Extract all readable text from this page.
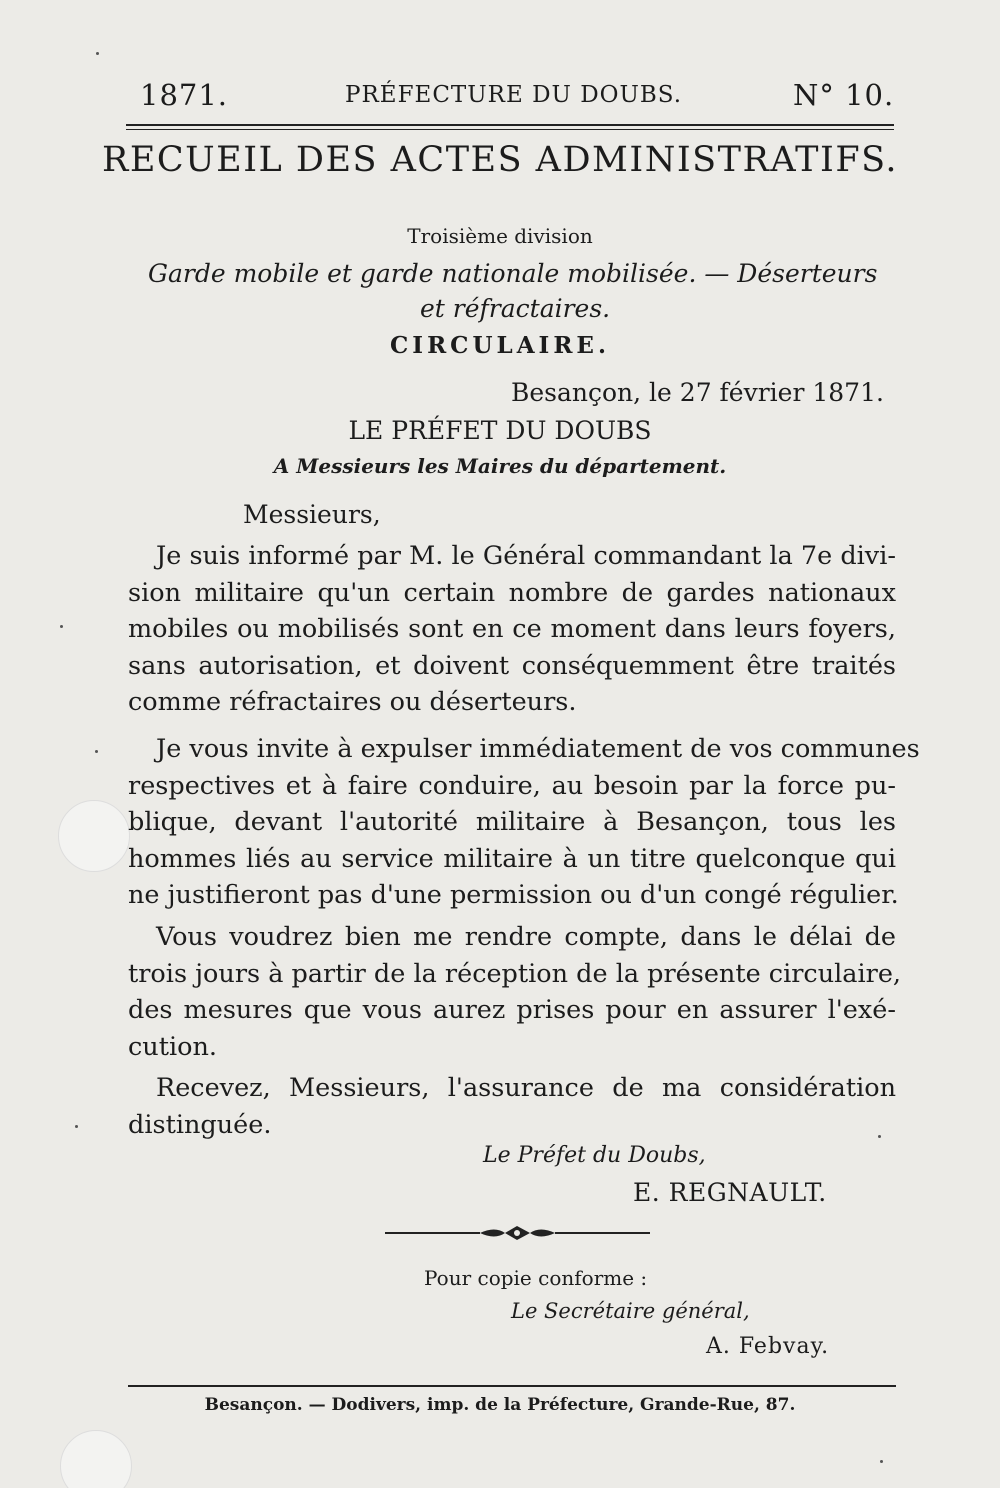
1871.	PRÉFECTURE DU DOUBS.	N° 10.
RECUEIL DES ACTES ADMINISTRATIFS.
Troisième division
Garde mobile et garde nationale mobilisée. — Déserteurs
et réfractaires.
CIRCULAIRE.
Besançon, le 27 février 1871.
LE PRÉFET DU DOUBS
A Messieurs les Maires du département.
Messieurs,
Je suis informé par M. le Général commandant la 7e divi-
sion militaire qu'un certain nombre de gardes nationaux
mobiles ou mobilisés sont en ce moment dans leurs foyers,
sans autorisation, et doivent conséquemment être traités
comme réfractaires ou déserteurs.
Je vous invite à expulser immédiatement de vos communes
respectives et à faire conduire, au besoin par la force pu-
blique, devant l'autorité militaire à Besançon, tous les
hommes liés au service militaire à un titre quelconque qui
ne justifieront pas d'une permission ou d'un congé régulier.
Vous voudrez bien me rendre compte, dans le délai de
trois jours à partir de la réception de la présente circulaire,
des mesures que vous aurez prises pour en assurer l'exé-
cution.
Recevez, Messieurs, l'assurance de ma considération
distinguée.
Le Préfet du Doubs,
E. REGNAULT.
Pour copie conforme :
Le Secrétaire général,
A. Febvay.
Besançon. — Dodivers, imp. de la Préfecture, Grande-Rue, 87.
